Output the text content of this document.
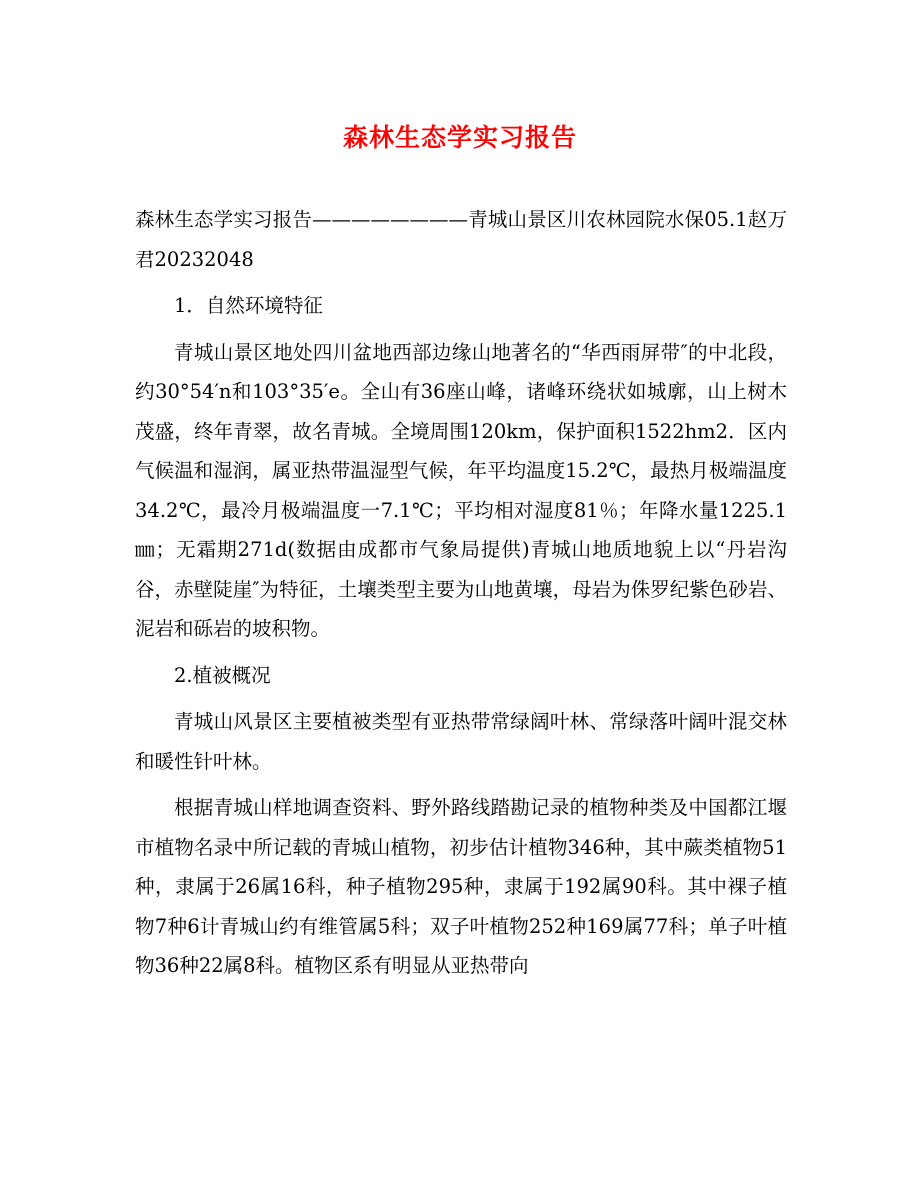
森林生态学实习报告

森林生态学实习报告————————青城山景区川农林园院水保05.1赵万君20232048

1．自然环境特征

青城山景区地处四川盆地西部边缘山地著名的“华西雨屏带″的中北段，约30°54′n和103°35′e。全山有36座山峰，诸峰环绕状如城廓，山上树木茂盛，终年青翠，故名青城。全境周围120km，保护面积1522hm2．区内气候温和湿润，属亚热带温湿型气候，年平均温度15.2℃，最热月极端温度34.2℃，最冷月极端温度一7.1℃；平均相对湿度81％；年降水量1225.1㎜；无霜期271d(数据由成都市气象局提供)青城山地质地貌上以“丹岩沟谷，赤壁陡崖″为特征，土壤类型主要为山地黄壤，母岩为侏罗纪紫色砂岩、泥岩和砾岩的坡积物。

2.植被概况

青城山风景区主要植被类型有亚热带常绿阔叶林、常绿落叶阔叶混交林和暖性针叶林。

根据青城山样地调查资料、野外路线踏勘记录的植物种类及中国都江堰市植物名录中所记载的青城山植物，初步估计植物346种，其中蕨类植物51种，隶属于26属16科，种子植物295种，隶属于192属90科。其中裸子植物7种6计青城山约有维管属5科；双子叶植物252种169属77科；单子叶植物36种22属8科。植物区系有明显从亚热带向
